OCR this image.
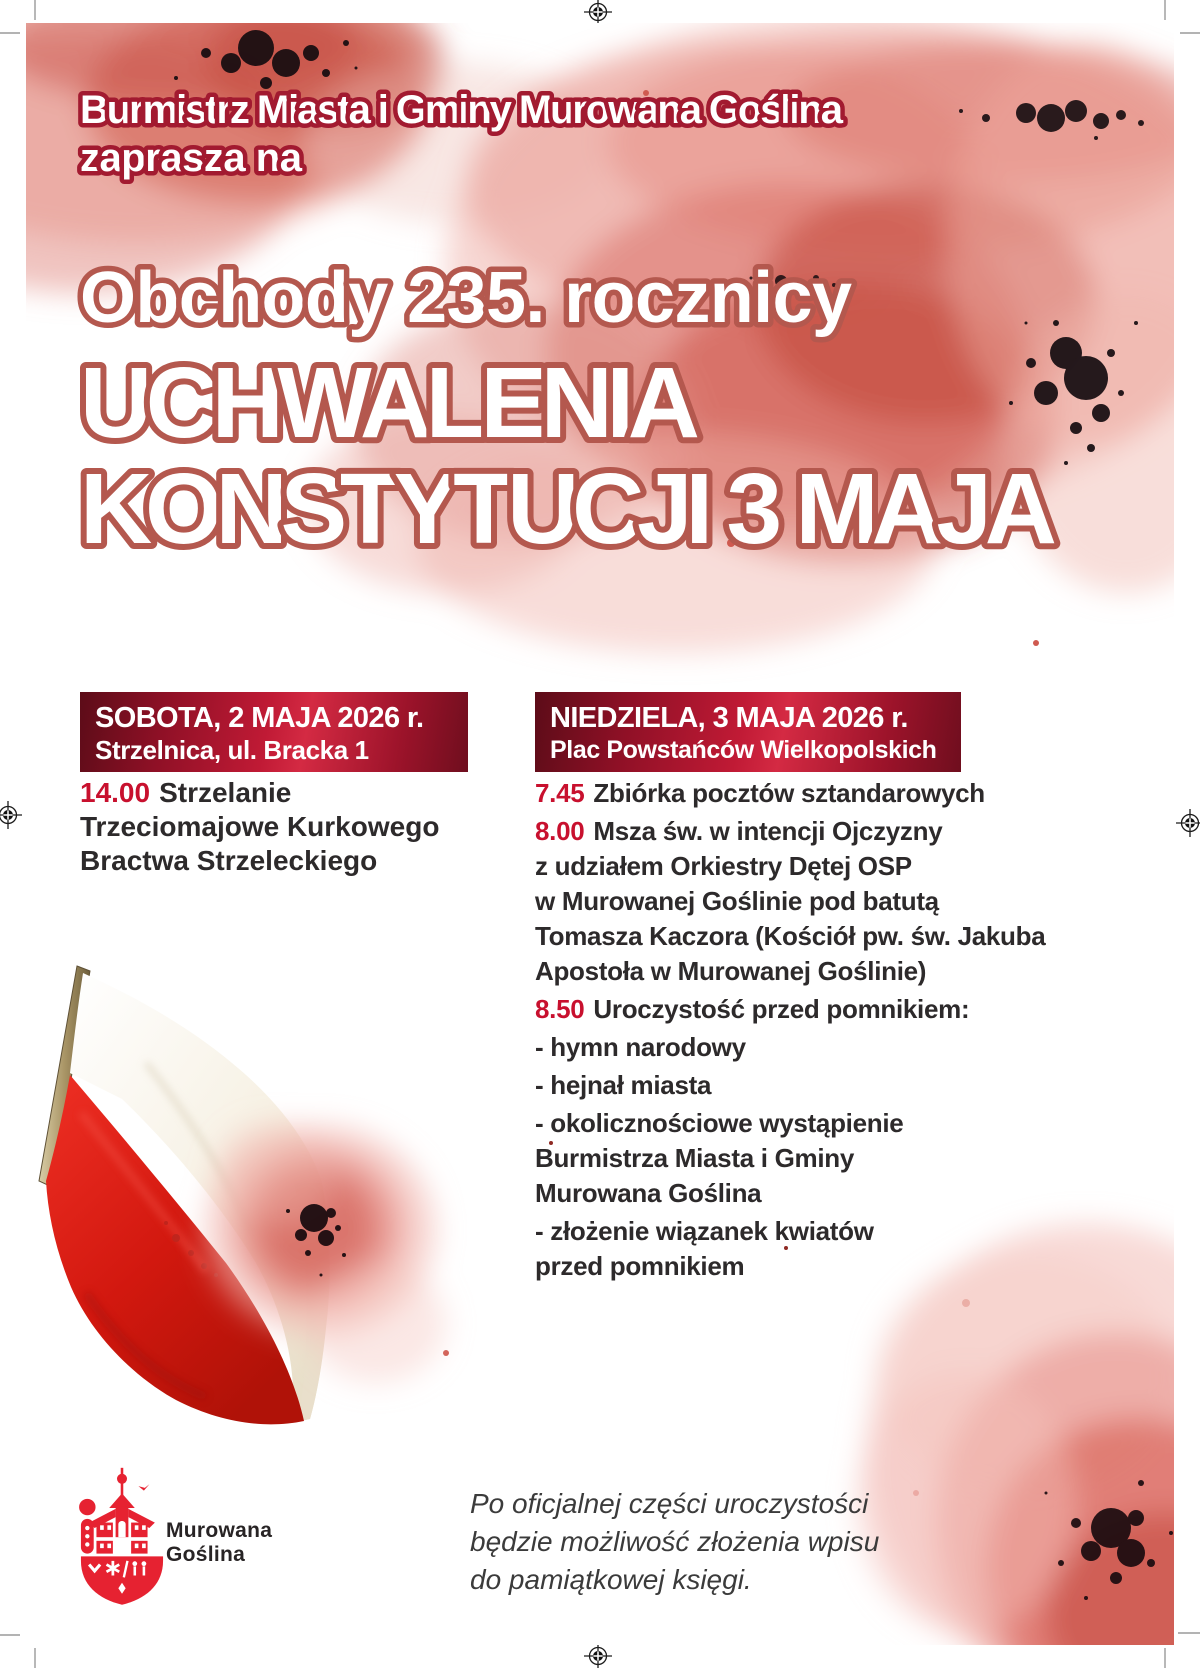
Burmistrz Miasta i Gminy Murowana Goślina
zaprasza na
Obchody 235. rocznicy
UCHWALENIA
KONSTYTUCJI 3 MAJA
SOBOTA, 2 MAJA 2026 r.
Strzelnica, ul. Bracka 1
14.00 Strzelanie
Trzeciomajowe Kurkowego
Bractwa Strzeleckiego
NIEDZIELA, 3 MAJA 2026 r.
Plac Powstańców Wielkopolskich
7.45 Zbiórka pocztów sztandarowych
8.00 Msza św. w intencji Ojczyzny
z udziałem Orkiestry Dętej OSP
w Murowanej Goślinie pod batutą
Tomasza Kaczora (Kościół pw. św. Jakuba
Apostoła w Murowanej Goślinie)
8.50 Uroczystość przed pomnikiem:
- hymn narodowy
- hejnał miasta
- okolicznościowe wystąpienie
Burmistrza Miasta i Gminy
Murowana Goślina
- złożenie wiązanek kwiatów
przed pomnikiem
Po oficjalnej części uroczystości
będzie możliwość złożenia wpisu
do pamiątkowej księgi.
Murowana
Goślina
